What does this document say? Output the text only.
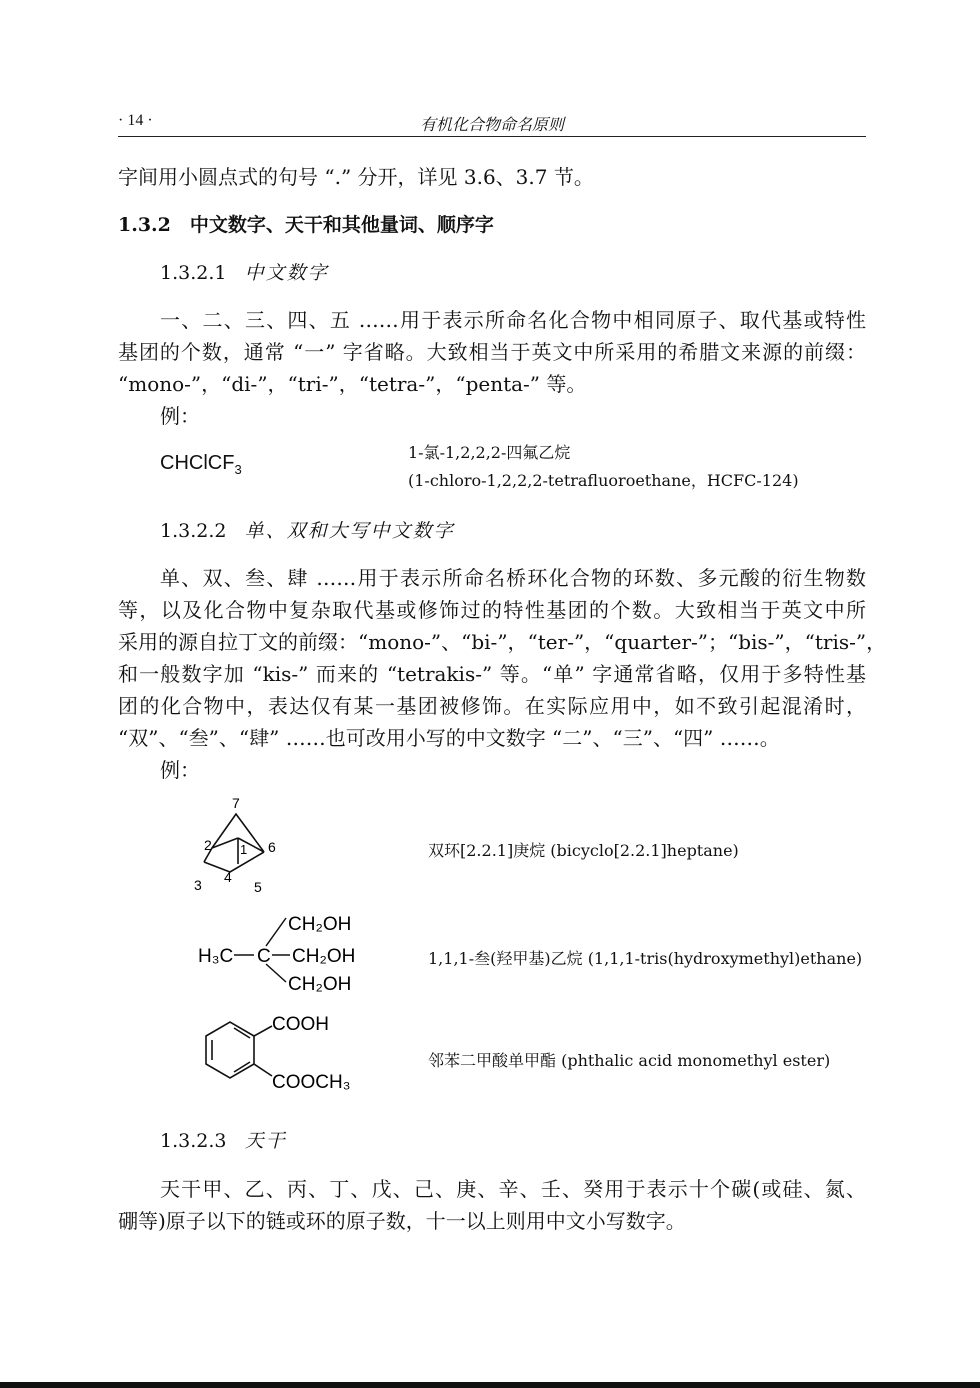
· 14 ·	有机化合物命名原则
字间用小圆点式的句号 “.” 分开，详见 3.6、3.7 节。
1.3.2　中文数字、天干和其他量词、顺序字
1.3.2.1 中文数字
一、二、三、四、五 ……用于表示所命名化合物中相同原子、取代基或特性
基团的个数，通常 “一” 字省略。大致相当于英文中所采用的希腊文来源的前缀：
“mono-”，“di-”，“tri-”，“tetra-”，“penta-” 等。
例：
CHClCF$_3$
1-氯-1,2,2,2-四氟乙烷
(1-chloro-1,2,2,2-tetrafluoroethane，HCFC-124)
1.3.2.2 单、双和大写中文数字
单、双、叁、肆 ……用于表示所命名桥环化合物的环数、多元酸的衍生物数
等，以及化合物中复杂取代基或修饰过的特性基团的个数。大致相当于英文中所
采用的源自拉丁文的前缀：“mono-”、“bi-”，“ter-”，“quarter-”；“bis-”，“tris-”，
和一般数字加 “kis-” 而来的 “tetrakis-” 等。“单” 字通常省略，仅用于多特性基
团的化合物中，表达仅有某一基团被修饰。在实际应用中，如不致引起混淆时，
“双”、“叁”、“肆” ……也可改用小写的中文数字 “二”、“三”、“四” ……。
例：
7
2 1 6
3 4
5
双环[2.2.1]庚烷 (bicyclo[2.2.1]heptane)
H₃C C
CH₂OH
CH₂OH
CH₂OH
1,1,1-叁(羟甲基)乙烷 (1,1,1-tris(hydroxymethyl)ethane)
COOH
COOCH₃
邻苯二甲酸单甲酯 (phthalic acid monomethyl ester)
1.3.2.3 天干
天干甲、乙、丙、丁、戊、己、庚、辛、壬、癸用于表示十个碳(或硅、氮、
硼等)原子以下的链或环的原子数，十一以上则用中文小写数字。
